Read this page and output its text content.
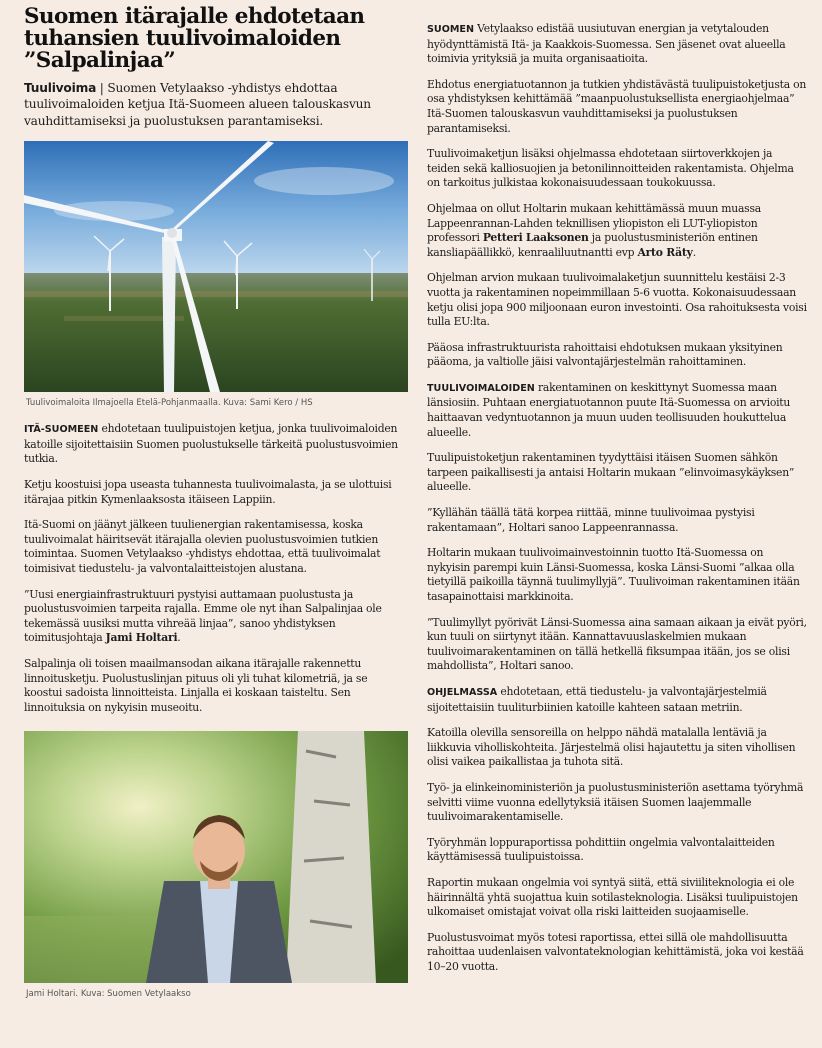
Suomen itärajalle ehdotetaan tuhansien tuulivoimaloiden ”Salpalinjaa”

Tuulivoima | Suomen Vetylaakso -yhdistys ehdottaa tuulivoimaloiden ketjua Itä-Suomeen alueen talouskasvun vauhdittamiseksi ja puolustuksen parantamiseksi.

Tuulivoimaloita Ilmajoella Etelä-Pohjanmaalla. Kuva: Sami Kero / HS

ITÄ-SUOMEEN ehdotetaan tuulipuistojen ketjua, jonka tuulivoimaloiden katoille sijoitettaisiin Suomen puolustukselle tärkeitä puolustusvoimien tutkia.

Ketju koostuisi jopa useasta tuhannesta tuulivoimalasta, ja se ulottuisi itärajaa pitkin Kymenlaaksosta itäiseen Lappiin.

Itä-Suomi on jäänyt jälkeen tuulienergian rakentamisessa, koska tuulivoimalat häiritsevät itärajalla olevien puolustusvoimien tutkien toimintaa. Suomen Vetylaakso -yhdistys ehdottaa, että tuulivoimalat toimisivat tiedustelu- ja valvontalaitteistojen alustana.

”Uusi energiainfrastruktuuri pystyisi auttamaan puolustusta ja puolustusvoimien tarpeita rajalla. Emme ole nyt ihan Salpalinjaa ole tekemässä uusiksi mutta vihreää linjaa”, sanoo yhdistyksen toimitusjohtaja Jami Holtari.

Salpalinja oli toisen maailmansodan aikana itärajalle rakennettu linnoitusketju. Puolustuslinjan pituus oli yli tuhat kilometriä, ja se koostui sadoista linnoitteista. Linjalla ei koskaan taisteltu. Sen linnoituksia on nykyisin museoitu.

Jami Holtari. Kuva: Suomen Vetylaakso

SUOMEN Vetylaakso edistää uusiutuvan energian ja vetytalouden hyödynttämistä Itä- ja Kaakkois-Suomessa. Sen jäsenet ovat alueella toimivia yrityksiä ja muita organisaatioita.

Ehdotus energiatuotannon ja tutkien yhdistävästä tuulipuistoketjusta on osa yhdistyksen kehittämää ”maanpuolustuksellista energiaohjelmaa” Itä-Suomen talouskasvun vauhdittamiseksi ja puolustuksen parantamiseksi.

Tuulivoimaketjun lisäksi ohjelmassa ehdotetaan siirtoverkkojen ja teiden sekä kalliosuojien ja betonilinnoitteiden rakentamista. Ohjelma on tarkoitus julkistaa kokonaisuudessaan toukokuussa.

Ohjelmaa on ollut Holtarin mukaan kehittämässä muun muassa Lappeenrannan-Lahden teknillisen yliopiston eli LUT-yliopiston professori Petteri Laaksonen ja puolustusministeriön entinen kansliapäällikkö, kenraaliluutnantti evp Arto Räty.

Ohjelman arvion mukaan tuulivoimalaketjun suunnittelu kestäisi 2-3 vuotta ja rakentaminen nopeimmillaan 5-6 vuotta. Kokonaisuudessaan ketju olisi jopa 900 miljoonaan euron investointi. Osa rahoituksesta voisi tulla EU:lta.

Pääosa infrastruktuurista rahoittaisi ehdotuksen mukaan yksityinen pääoma, ja valtiolle jäisi valvontajärjestelmän rahoittaminen.

TUULIVOIMALOIDEN rakentaminen on keskittynyt Suomessa maan länsiosiin. Puhtaan energiatuotannon puute Itä-Suomessa on arvioitu haittaavan vedyntuotannon ja muun uuden teollisuuden houkuttelua alueelle.

Tuulipuistoketjun rakentaminen tyydyttäisi itäisen Suomen sähkön tarpeen paikallisesti ja antaisi Holtarin mukaan ”elinvoimasykäyksen” alueelle.

”Kyllähän täällä tätä korpea riittää, minne tuulivoimaa pystyisi rakentamaan”, Holtari sanoo Lappeenrannassa.

Holtarin mukaan tuulivoimainvestoinnin tuotto Itä-Suomessa on nykyisin parempi kuin Länsi-Suomessa, koska Länsi-Suomi ”alkaa olla tietyillä paikoilla täynnä tuulimyllyjä”. Tuulivoiman rakentaminen itään tasapainottaisi markkinoita.

”Tuulimyllyt pyörivät Länsi-Suomessa aina samaan aikaan ja eivät pyöri, kun tuuli on siirtynyt itään. Kannattavuuslaskelmien mukaan tuulivoimarakentaminen on tällä hetkellä fiksumpaa itään, jos se olisi mahdollista”, Holtari sanoo.

OHJELMASSA ehdotetaan, että tiedustelu- ja valvontajärjestelmiä sijoitettaisiin tuuliturbiinien katoille kahteen sataan metriin.

Katoilla olevilla sensoreilla on helppo nähdä matalalla lentäviä ja liikkuvia viholliskohteita. Järjestelmä olisi hajautettu ja siten vihollisen olisi vaikea paikallistaa ja tuhota sitä.

Työ- ja elinkeinoministeriön ja puolustusministeriön asettama työryhmä selvitti viime vuonna edellytyksiä itäisen Suomen laajemmalle tuulivoimarakentamiselle.

Työryhmän loppuraportissa pohdittiin ongelmia valvontalaitteiden käyttämisessä tuulipuistoissa.

Raportin mukaan ongelmia voi syntyä siitä, että siviiliteknologia ei ole häirinnältä yhtä suojattua kuin sotilasteknologia. Lisäksi tuulipuistojen ulkomaiset omistajat voivat olla riski laitteiden suojaamiselle.

Puolustusvoimat myös totesi raportissa, ettei sillä ole mahdollisuutta rahoittaa uudenlaisen valvontateknologian kehittämistä, joka voi kestää 10–20 vuotta.
